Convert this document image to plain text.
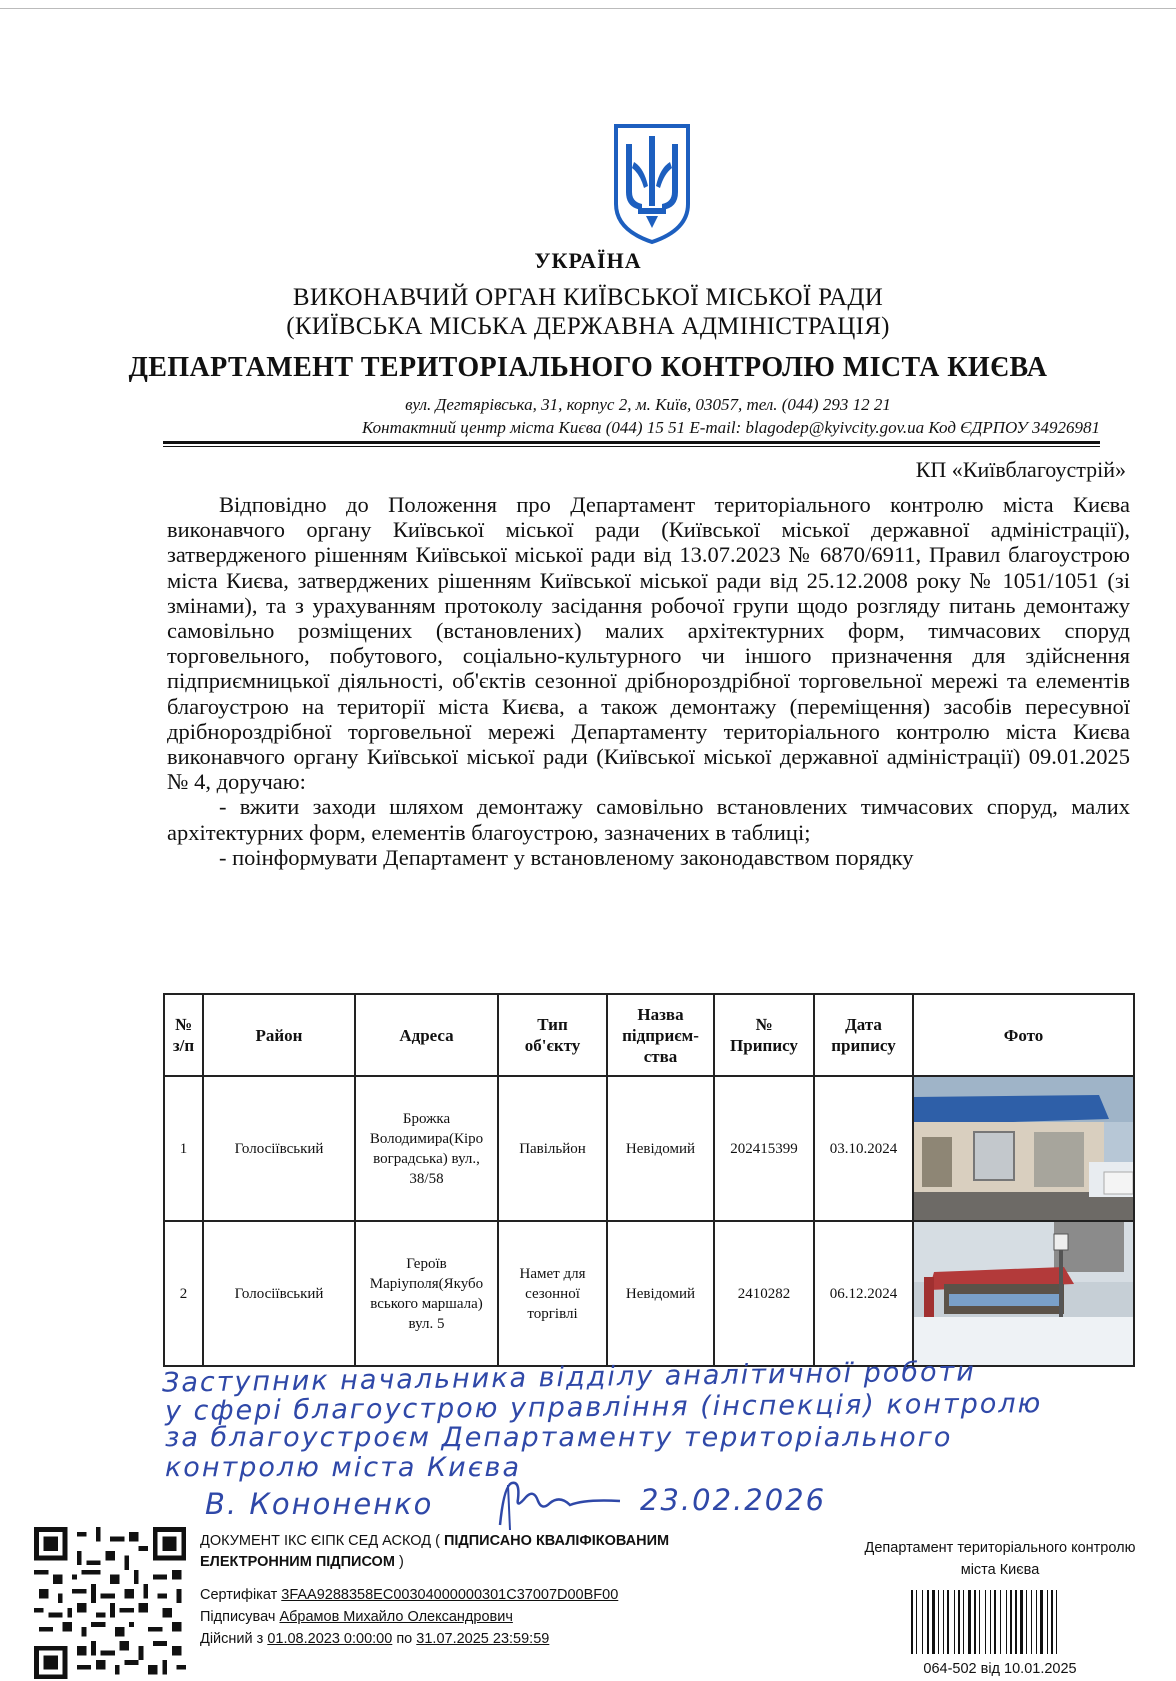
УКРАЇНА
ВИКОНАВЧИЙ ОРГАН КИЇВСЬКОЇ МІСЬКОЇ РАДИ
(КИЇВСЬКА МІСЬКА ДЕРЖАВНА АДМІНІСТРАЦІЯ)
ДЕПАРТАМЕНТ ТЕРИТОРІАЛЬНОГО КОНТРОЛЮ МІСТА КИЄВА
вул. Дегтярівська, 31, корпус 2, м. Київ, 03057, тел. (044) 293 12 21
Контактний центр міста Києва (044) 15 51 E-mail: blagodep@kyivcity.gov.ua Код ЄДРПОУ 34926981
КП «Київблагоустрій»

Відповідно до Положення про Департамент територіального контролю міста Києва виконавчого органу Київської міської ради (Київської міської державної адміністрації), затвердженого рішенням Київської міської ради від 13.07.2023 № 6870/6911, Правил благоустрою міста Києва, затверджених рішенням Київської міської ради від 25.12.2008 року № 1051/1051 (зі змінами), та з урахуванням протоколу засідання робочої групи щодо розгляду питань демонтажу самовільно розміщених (встановлених) малих архітектурних форм, тимчасових споруд торговельного, побутового, соціально-культурного чи іншого призначення для здійснення підприємницької діяльності, об'єктів сезонної дрібнороздрібної торговельної мережі та елементів благоустрою на території міста Києва, а також демонтажу (переміщення) засобів пересувної дрібнороздрібної торговельної мережі Департаменту територіального контролю міста Києва виконавчого органу Київської міської ради (Київської міської державної адміністрації) 09.01.2025 № 4, доручаю:

- вжити заходи шляхом демонтажу самовільно встановлених тимчасових споруд, малих архітектурних форм, елементів благоустрою, зазначених в таблиці;

- поінформувати Департамент у встановленому законодавством порядку

№
з/п	Район	Адреса	Тип
об'єкту	Назва
підприєм-
ства	№
Припису	Дата
припису	Фото
1	Голосіївський	Брожка
Володимира(Кіро
воградська) вул.,
38/58	Павільйон	Невідомий	202415399	03.10.2024	

2	Голосіївський	Героїв
Маріуполя(Якубо
вського маршала)
вул. 5	Намет для
сезонної
торгівлі	Невідомий	2410282	06.12.2024	
Заступник начальника відділу аналітичної роботи
у сфері благоустрою управління (інспекція) контролю
за благоустроєм Департаменту територіального
контролю міста Києва
В. Кононенко	23.02.2026
ДОКУМЕНТ ІКС ЄІПК СЕД АСКОД ( ПІДПИСАНО КВАЛІФІКОВАНИМ
ЕЛЕКТРОННИМ ПІДПИСОМ )
Сертифікат 3FAA9288358EC00304000000301C37007D00BF00
Підписувач Абрамов Михайло Олександрович
Дійсний з 01.08.2023 0:00:00 по 31.07.2025 23:59:59
Департамент територіального контролю
міста Києва
064-502 від 10.01.2025
